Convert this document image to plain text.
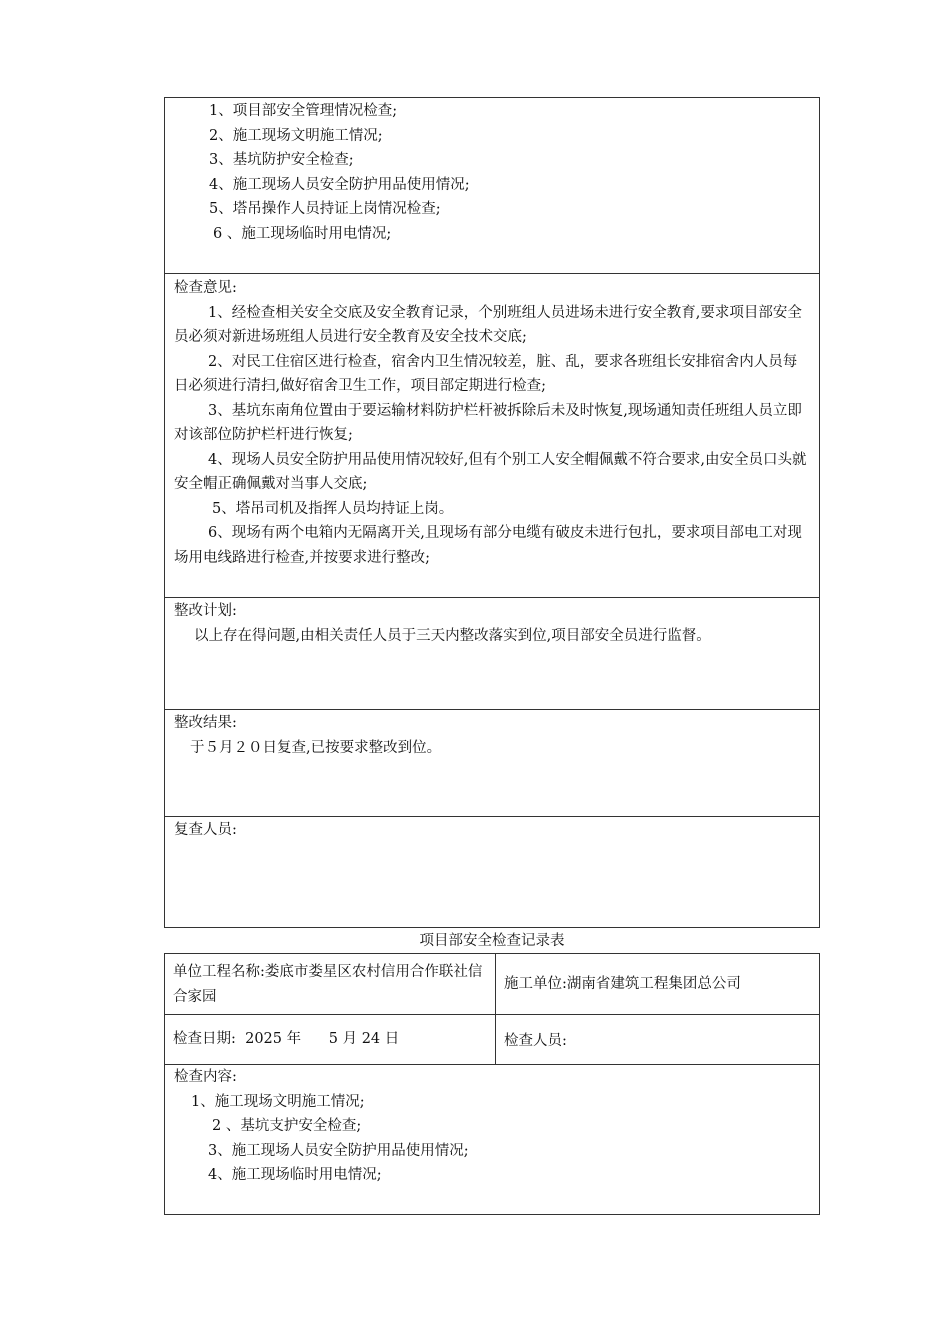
1、项目部安全管理情况检查;
2、施工现场文明施工情况;
3、基坑防护安全检查;
4、施工现场人员安全防护用品使用情况;
5、塔吊操作人员持证上岗情况检查;
6 、施工现场临时用电情况;
检查意见:
1、经检查相关安全交底及安全教育记录，个别班组人员进场未进行安全教育,要求项目部安全员必须对新进场班组人员进行安全教育及安全技术交底;
2、对民工住宿区进行检查，宿舍内卫生情况较差，脏、乱，要求各班组长安排宿舍内人员每日必须进行清扫,做好宿舍卫生工作，项目部定期进行检查;
3、基坑东南角位置由于要运输材料防护栏杆被拆除后未及时恢复,现场通知责任班组人员立即对该部位防护栏杆进行恢复;
4、现场人员安全防护用品使用情况较好,但有个别工人安全帽佩戴不符合要求,由安全员口头就安全帽正确佩戴对当事人交底;
5、塔吊司机及指挥人员均持证上岗。
6、现场有两个电箱内无隔离开关,且现场有部分电缆有破皮未进行包扎，要求项目部电工对现场用电线路进行检查,并按要求进行整改;
整改计划:
以上存在得问题,由相关责任人员于三天内整改落实到位,项目部安全员进行监督。
整改结果:
于５月２０日复查,已按要求整改到位。
复查人员:
项目部安全检查记录表
单位工程名称:娄底市娄星区农村信用合作联社信合家园
施工单位:湖南省建筑工程集团总公司
检查日期:  2025 年      5 月 24 日	检查人员:
检查内容:
1、施工现场文明施工情况;
2 、基坑支护安全检查;
3、施工现场人员安全防护用品使用情况;
4、施工现场临时用电情况;
